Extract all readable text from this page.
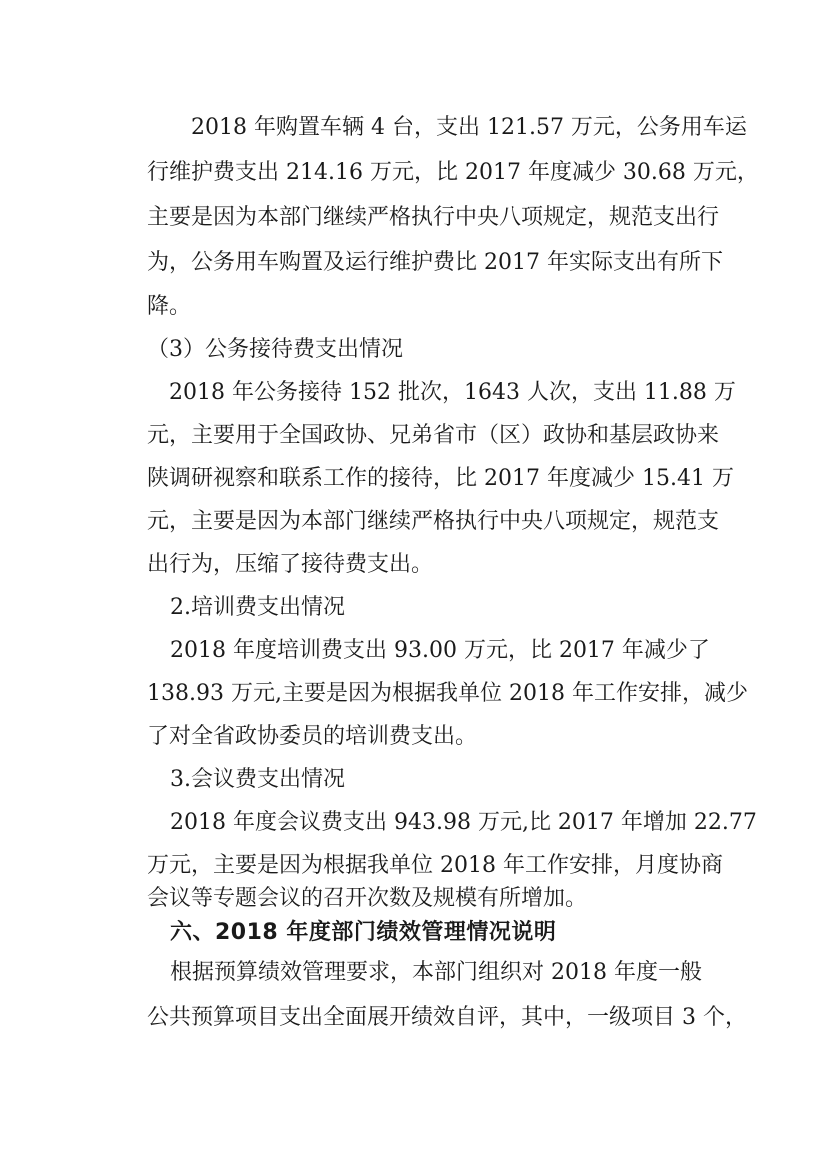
　　2018 年购置车辆 4 台，支出 121.57 万元，公务用车运
行维护费支出 214.16 万元，比 2017 年度减少 30.68 万元，
主要是因为本部门继续严格执行中央八项规定，规范支出行
为，公务用车购置及运行维护费比 2017 年实际支出有所下
降。
（3）公务接待费支出情况
　2018 年公务接待 152 批次，1643 人次，支出 11.88 万
元，主要用于全国政协、兄弟省市（区）政协和基层政协来
陕调研视察和联系工作的接待，比 2017 年度减少 15.41 万
元，主要是因为本部门继续严格执行中央八项规定，规范支
出行为，压缩了接待费支出。
2.培训费支出情况
2018 年度培训费支出 93.00 万元，比 2017 年减少了
138.93 万元,主要是因为根据我单位 2018 年工作安排，减少
了对全省政协委员的培训费支出。
3.会议费支出情况
2018 年度会议费支出 943.98 万元,比 2017 年增加 22.77
万元，主要是因为根据我单位 2018 年工作安排，月度协商
会议等专题会议的召开次数及规模有所增加。
六、2018 年度部门绩效管理情况说明
根据预算绩效管理要求，本部门组织对 2018 年度一般
公共预算项目支出全面展开绩效自评，其中，一级项目 3 个，
